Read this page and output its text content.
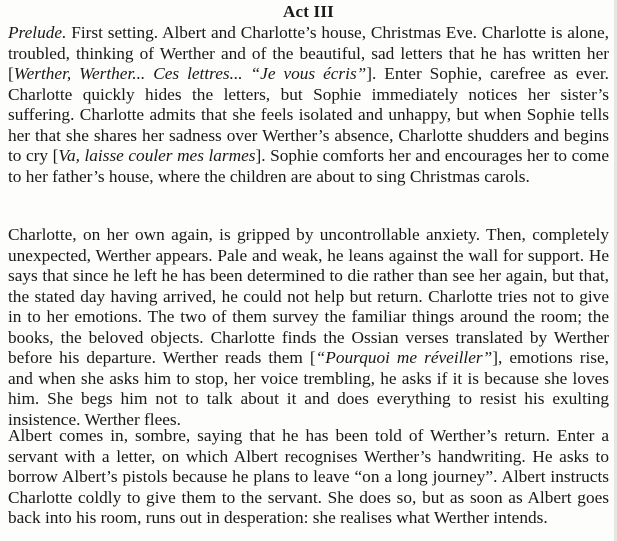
Act III

Prelude. First setting. Albert and Charlotte’s house, Christmas Eve. Charlotte is alone, troubled, thinking of Werther and of the beautiful, sad letters that he has written her [Werther, Werther... Ces lettres... “Je vous écris”]. Enter Sophie, carefree as ever. Charlotte quickly hides the letters, but Sophie immediately notices her sister’s suffering. Charlotte admits that she feels isolated and unhappy, but when Sophie tells her that she shares her sadness over Werther’s absence, Charlotte shudders and begins to cry [Va, laisse couler mes larmes]. Sophie comforts her and encourages her to come to her father’s house, where the children are about to sing Christmas carols.

Charlotte, on her own again, is gripped by uncontrollable anxiety. Then, completely unexpected, Werther appears. Pale and weak, he leans against the wall for support. He says that since he left he has been determined to die rather than see her again, but that, the stated day having arrived, he could not help but return. Charlotte tries not to give in to her emotions. The two of them survey the familiar things around the room; the books, the beloved objects. Charlotte finds the Ossian verses translated by Werther before his departure. Werther reads them [“Pourquoi me réveiller”], emotions rise, and when she asks him to stop, her voice trembling, he asks if it is because she loves him. She begs him not to talk about it and does everything to resist his exulting insistence. Werther flees.

Albert comes in, sombre, saying that he has been told of Werther’s return. Enter a servant with a letter, on which Albert recognises Werther’s handwriting. He asks to borrow Albert’s pistols because he plans to leave “on a long journey”. Albert instructs Charlotte coldly to give them to the servant. She does so, but as soon as Albert goes back into his room, runs out in desperation: she realises what Werther intends.
